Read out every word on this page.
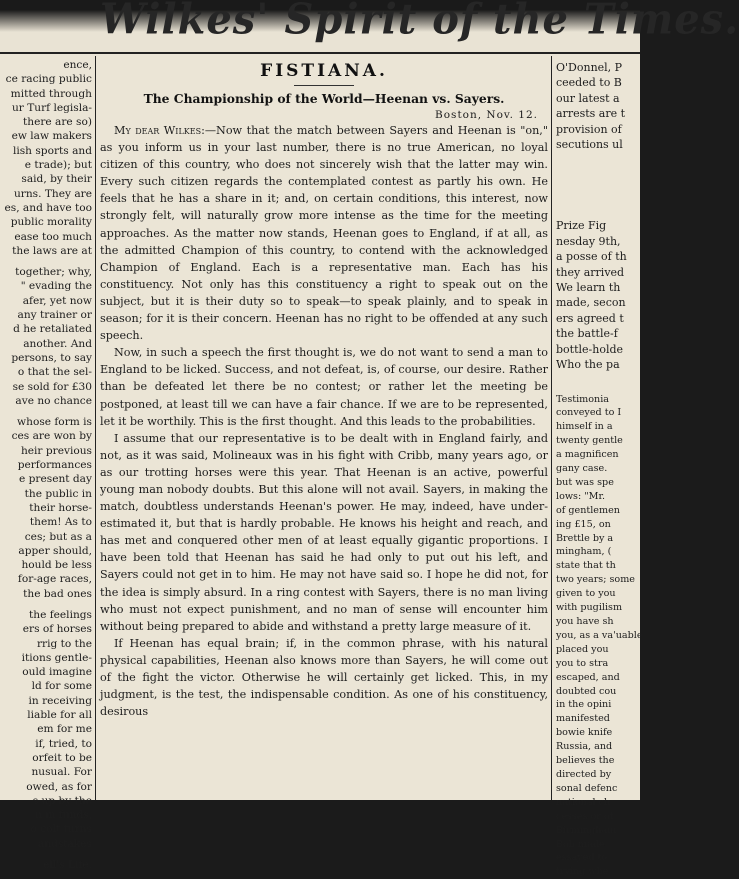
Wilkes' Spirit of the Times.
ence,
ce racing public
mitted through
ur Turf legisla-
there are so)
ew law makers
lish sports and
e trade); but
said, by their
urns. They are
es, and have too
public morality
ease too much
the laws are at
together; why,
" evading the
afer, yet now
any trainer or
d he retaliated
another. And
persons, to say
o that the sel-
se sold for £30
ave no chance
whose form is
ces are won by
heir previous
performances
e present day
the public in
their horse-
them! As to
ces; but as a
apper should,
hould be less
for-age races,
the bad ones
the feelings
ers of horses
rrig to the
itions gentle-
ould imagine
ld for some
in receiving
liable for all
em for me
if, tried, to
orfeit to be
nusual. For
owed, as for
s up by the
n in funds,
o colt turns
andstakes
ell's Life.
FISTIANA.
The Championship of the World—Heenan vs. Sayers.

Boston, Nov. 12.

My dear Wilkes:—Now that the match between Sayers and Heenan is "on," as you inform us in your last number, there is no true American, no loyal citizen of this country, who does not sincerely wish that the latter may win. Every such citizen regards the contemplated contest as partly his own. He feels that he has a share in it; and, on certain conditions, this interest, now strongly felt, will naturally grow more intense as the time for the meeting approaches. As the matter now stands, Heenan goes to England, if at all, as the admitted Champion of this country, to contend with the acknowledged Champion of England. Each is a representative man. Each has his constituency. Not only has this constituency a right to speak out on the subject, but it is their duty so to speak—to speak plainly, and to speak in season; for it is their concern. Heenan has no right to be offended at any such speech.

Now, in such a speech the first thought is, we do not want to send a man to England to be licked. Success, and not defeat, is, of course, our desire. Rather than be defeated let there be no contest; or rather let the meeting be postponed, at least till we can have a fair chance. If we are to be represented, let it be worthily. This is the first thought. And this leads to the probabilities.

I assume that our representative is to be dealt with in England fairly, and not, as it was said, Molineaux was in his fight with Cribb, many years ago, or as our trotting horses were this year. That Heenan is an active, powerful young man nobody doubts. But this alone will not avail. Sayers, in making the match, doubtless understands Heenan's power. He may, indeed, have under-estimated it, but that is hardly probable. He knows his height and reach, and has met and conquered other men of at least equally gigantic proportions. I have been told that Heenan has said he had only to put out his left, and Sayers could not get in to him. He may not have said so. I hope he did not, for the idea is simply absurd. In a ring contest with Sayers, there is no man living who must not expect punishment, and no man of sense will encounter him without being prepared to abide and withstand a pretty large measure of it.

If Heenan has equal brain; if, in the common phrase, with his natural physical capabilities, Heenan also knows more than Sayers, he will come out of the fight the victor. Otherwise he will certainly get licked. This, in my judgment, is the test, the indispensable condition. As one of his constituency, desirous

O'Donnel, P
ceeded to B
our latest a
arrests are t
provision of
secutions ul
Prize Fig
nesday 9th,
a posse of th
they arrived
We learn th
made, secon
ers agreed t
the battle-f
bottle-holde
Who the pa
Testimonia
conveyed to I
himself in a
twenty gentle
a magnificen
gany case.
but was spe
lows: "Mr.
of gentlemen
ing £15, on
Brettle by a
mingham, (
state that th
two years; some
given to you
with pugilism
you have sh
you, as a va'uable
placed you
you to stra
escaped, and
doubted cou
in the opini
manifested
bowie knife
Russia, and
believes the
directed by
sonal defenc
national ch
cesses or ot
Birmingham
Bob made
essayed to
trying whe
